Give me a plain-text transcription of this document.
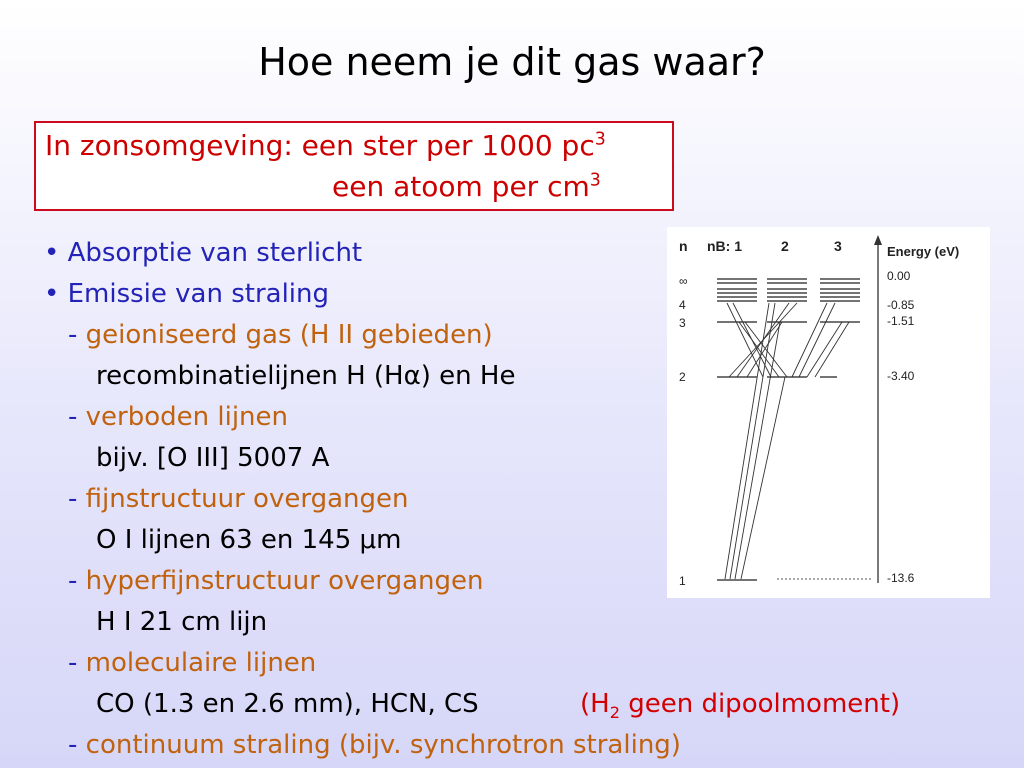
Hoe neem je dit gas waar?
In zonsomgeving: een ster per 1000 $pc^3$
een atoom per $cm^3$
• Absorptie van sterlicht
• Emissie van straling
- geioniseerd gas (H II gebieden)
recombinatielijnen H (Hα) en He
- verboden lijnen
bijv. [O III] 5007 A
- fijnstructuur overgangen
O I lijnen 63 en 145 μm
- hyperfijnstructuur overgangen
H I 21 cm lijn
- moleculaire lijnen
CO (1.3 en 2.6 mm), HCN, CS	($H_2$ geen dipoolmoment)
- continuum straling (bijv. synchrotron straling)
n nB: 1	2	3	Energy (eV)
∞
4
3
2
1
0.00
-0.85
-1.51
-3.40
-13.6
